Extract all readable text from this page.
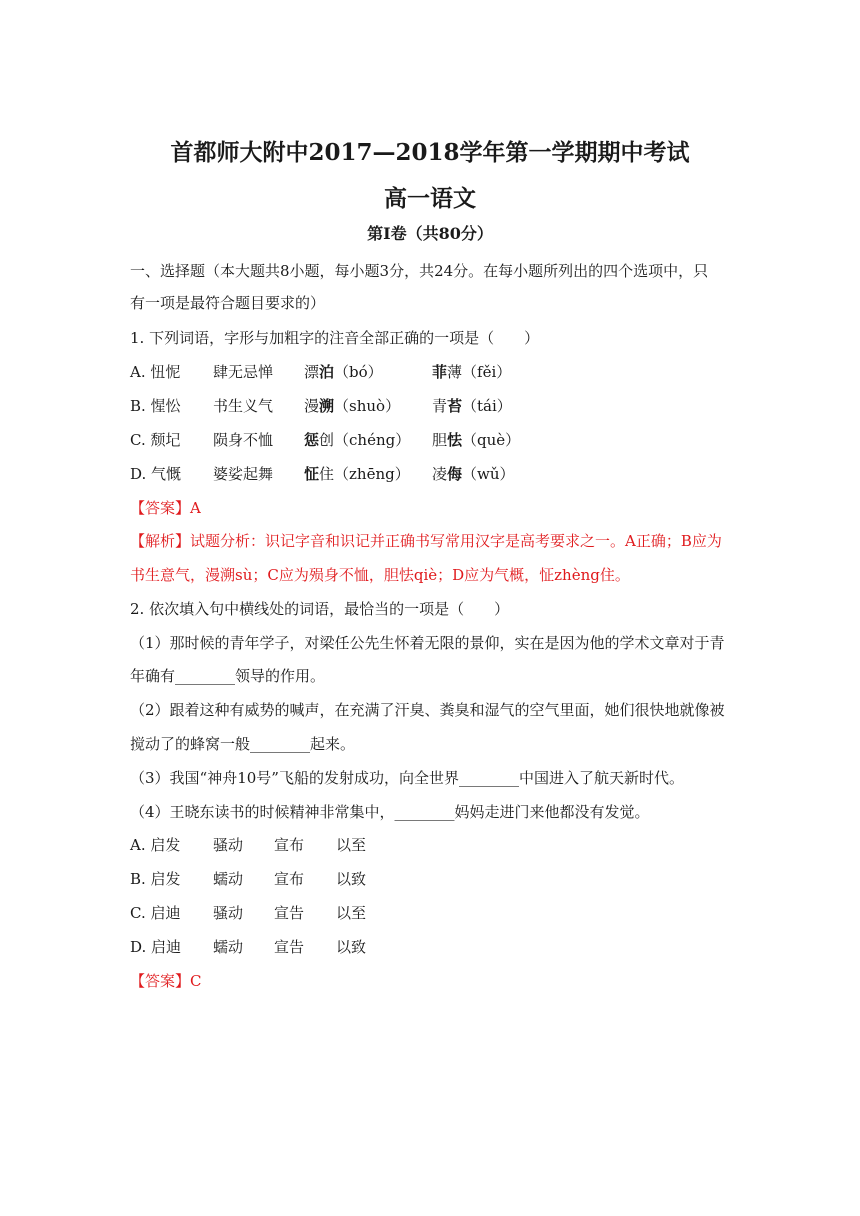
首都师大附中2017—2018学年第一学期期中考试
高一语文
第I卷（共80分）
一、选择题（本大题共8小题，每小题3分，共24分。在每小题所列出的四个选项中，只
有一项是最符合题目要求的）
1. 下列词语，字形与加粗字的注音全部正确的一项是（　　）
A. 忸怩 肆无忌惮 漂泊（bó）	菲薄（fěi）
B. 惺忪 书生义气 漫溯（shuò） 青苔（tái）
C. 颓圮 陨身不恤 惩创（chéng） 胆怯（què）
D. 气慨 婆娑起舞 怔住（zhēng） 凌侮（wǔ）
【答案】A
【解析】试题分析：识记字音和识记并正确书写常用汉字是高考要求之一。A正确；B应为
书生意气，漫溯sù；C应为殒身不恤，胆怯qiè；D应为气概，怔zhèng住。
2. 依次填入句中横线处的词语，最恰当的一项是（　　）
（1）那时候的青年学子，对梁任公先生怀着无限的景仰，实在是因为他的学术文章对于青
年确有________领导的作用。
（2）跟着这种有威势的喊声，在充满了汗臭、粪臭和湿气的空气里面，她们很快地就像被
搅动了的蜂窝一般________起来。
（3）我国“神舟10号”飞船的发射成功，向全世界________中国进入了航天新时代。
（4）王晓东读书的时候精神非常集中，________妈妈走进门来他都没有发觉。
A. 启发 骚动 宣布 以至
B. 启发 蠕动 宣布 以致
C. 启迪 骚动 宣告 以至
D. 启迪 蠕动 宣告 以致
【答案】C
